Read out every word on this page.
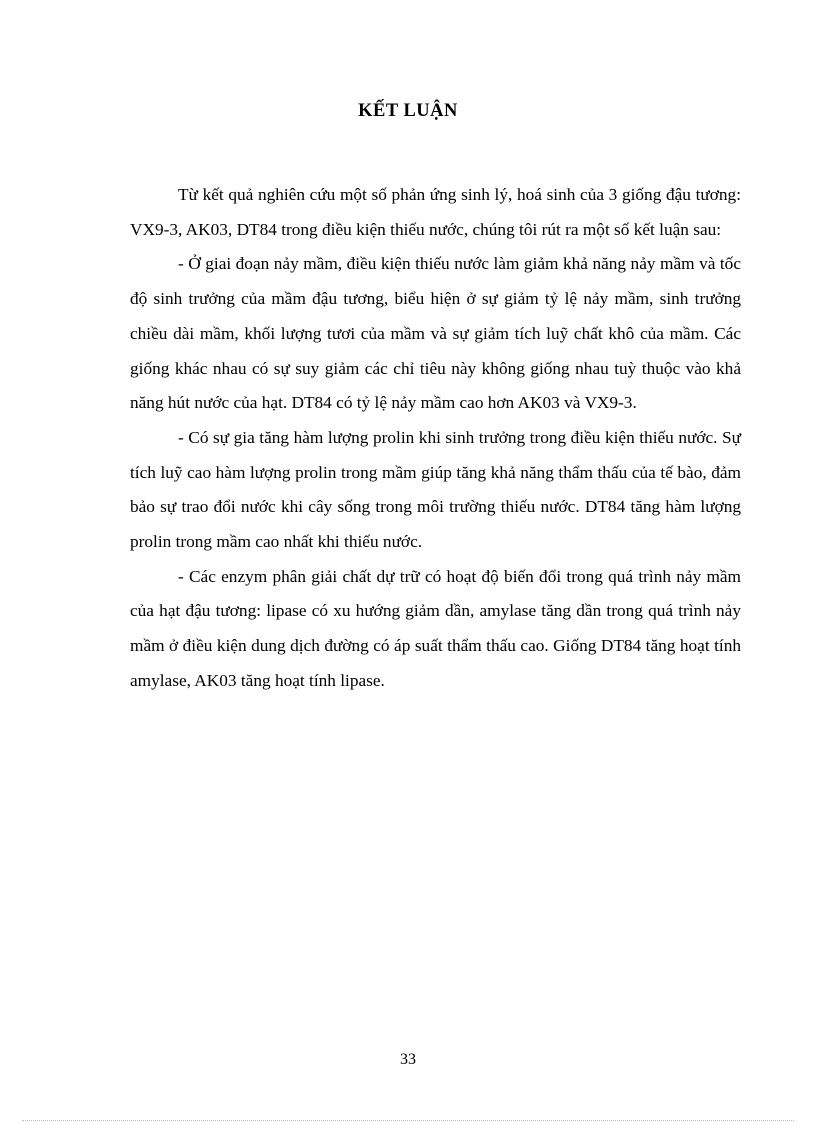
KẾT LUẬN

Từ kết quả nghiên cứu một số phản ứng sinh lý, hoá sinh của 3 giống đậu tương: VX9-3, AK03, DT84 trong điều kiện thiếu nước, chúng tôi rút ra một số kết luận sau:

- Ở giai đoạn nảy mầm, điều kiện thiếu nước làm giảm khả năng nảy mầm và tốc độ sinh trưởng của mầm đậu tương, biểu hiện ở sự giảm tỷ lệ nảy mầm, sinh trưởng chiều dài mầm, khối lượng tươi của mầm và sự giảm tích luỹ chất khô của mầm. Các giống khác nhau có sự suy giảm các chỉ tiêu này không giống nhau tuỳ thuộc vào khả năng hút nước của hạt. DT84 có tỷ lệ nảy mầm cao hơn AK03 và VX9-3.

- Có sự gia tăng hàm lượng prolin khi sinh trưởng trong điều kiện thiếu nước. Sự tích luỹ cao hàm lượng prolin trong mầm giúp tăng khả năng thẩm thấu của tế bào, đảm bảo sự trao đổi nước khi cây sống trong môi trường thiếu nước. DT84 tăng hàm lượng prolin trong mầm cao nhất khi thiếu nước.

- Các enzym phân giải chất dự trữ có hoạt độ biến đổi trong quá trình nảy mầm của hạt đậu tương: lipase có xu hướng giảm dần, amylase tăng dần trong quá trình nảy mầm ở điều kiện dung dịch đường có áp suất thẩm thấu cao. Giống DT84 tăng hoạt tính amylase, AK03 tăng hoạt tính lipase.

33
